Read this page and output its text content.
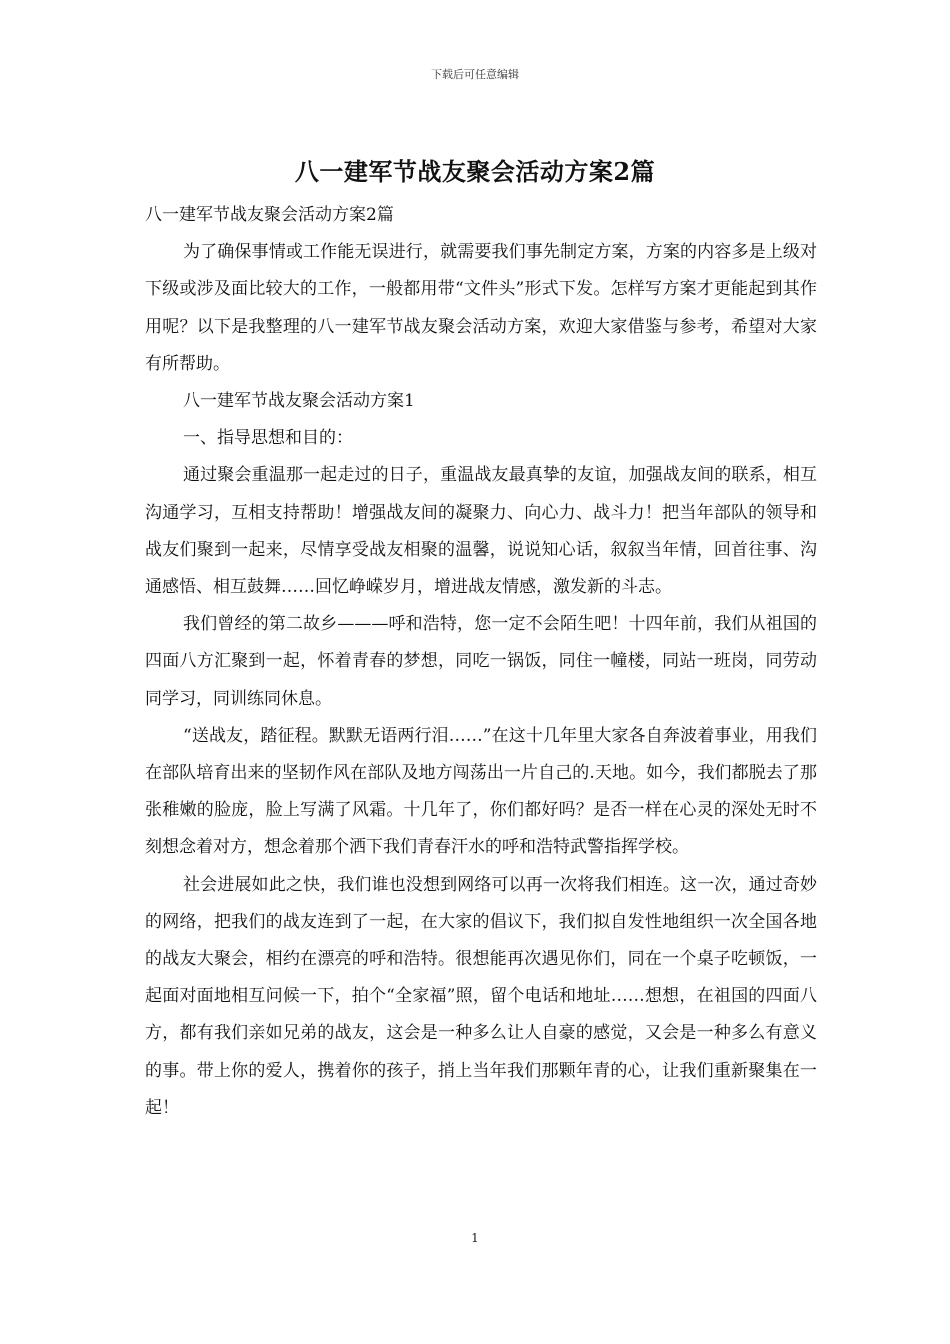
下载后可任意编辑
八一建军节战友聚会活动方案2篇

八一建军节战友聚会活动方案2篇

为了确保事情或工作能无误进行，就需要我们事先制定方案，方案的内容多是上级对下级或涉及面比较大的工作，一般都用带“文件头”形式下发。怎样写方案才更能起到其作用呢？以下是我整理的八一建军节战友聚会活动方案，欢迎大家借鉴与参考，希望对大家有所帮助。

八一建军节战友聚会活动方案1

一、指导思想和目的：

通过聚会重温那一起走过的日子，重温战友最真挚的友谊，加强战友间的联系，相互沟通学习，互相支持帮助！增强战友间的凝聚力、向心力、战斗力！把当年部队的领导和战友们聚到一起来，尽情享受战友相聚的温馨，说说知心话，叙叙当年情，回首往事、沟通感悟、相互鼓舞……回忆峥嵘岁月，增进战友情感，激发新的斗志。

我们曾经的第二故乡———呼和浩特，您一定不会陌生吧！十四年前，我们从祖国的四面八方汇聚到一起，怀着青春的梦想，同吃一锅饭，同住一幢楼，同站一班岗，同劳动同学习，同训练同休息。

“送战友，踏征程。默默无语两行泪……”在这十几年里大家各自奔波着事业，用我们在部队培育出来的坚韧作风在部队及地方闯荡出一片自己的.天地。如今，我们都脱去了那张稚嫩的脸庞，脸上写满了风霜。十几年了，你们都好吗？是否一样在心灵的深处无时不刻想念着对方，想念着那个洒下我们青春汗水的呼和浩特武警指挥学校。

社会进展如此之快，我们谁也没想到网络可以再一次将我们相连。这一次，通过奇妙的网络，把我们的战友连到了一起，在大家的倡议下，我们拟自发性地组织一次全国各地的战友大聚会，相约在漂亮的呼和浩特。很想能再次遇见你们，同在一个桌子吃顿饭，一起面对面地相互问候一下，拍个“全家福”照，留个电话和地址……想想，在祖国的四面八方，都有我们亲如兄弟的战友，这会是一种多么让人自豪的感觉，又会是一种多么有意义的事。带上你的爱人，携着你的孩子，捎上当年我们那颗年青的心，让我们重新聚集在一起！

1
